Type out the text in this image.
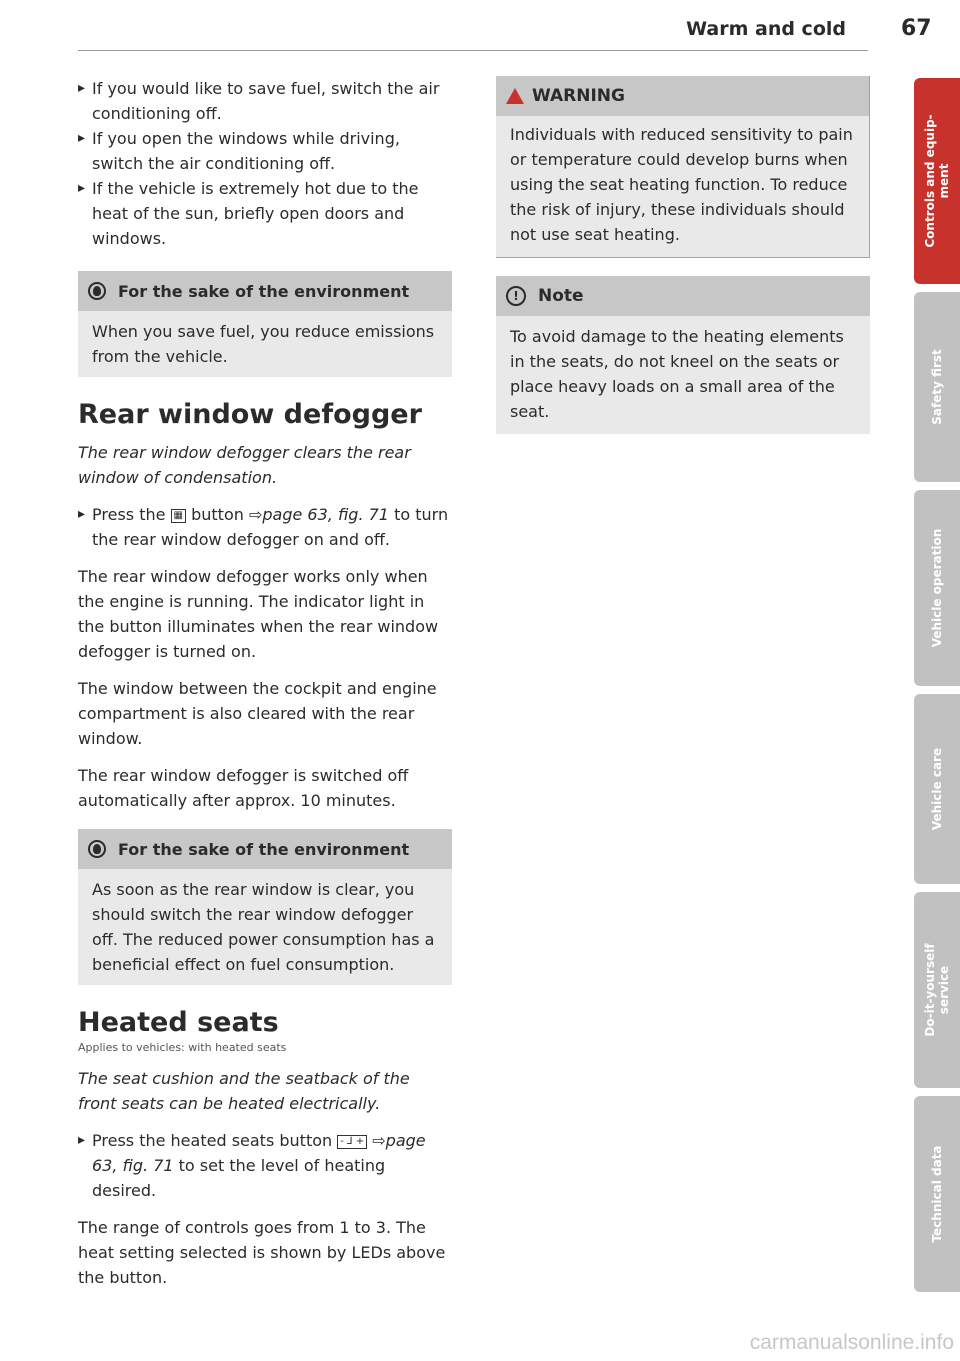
Warm and cold	67

▸ If you would like to save fuel, switch the air conditioning off.

▸ If you open the windows while driving, switch the air conditioning off.

▸ If the vehicle is extremely hot due to the heat of the sun, briefly open doors and windows.

For the sake of the environment

When you save fuel, you reduce emissions from the vehicle.

Rear window defogger

The rear window defogger clears the rear window of condensation.

▸ Press the ▦ button ⇨page 63, fig. 71 to turn the rear window defogger on and off.

The rear window defogger works only when the engine is running. The indicator light in the button illuminates when the rear window defogger is turned on.

The window between the cockpit and engine compartment is also cleared with the rear window.

The rear window defogger is switched off automatically after approx. 10 minutes.

For the sake of the environment

As soon as the rear window is clear, you should switch the rear window defogger off. The reduced power consumption has a beneficial effect on fuel consumption.

Heated seats

Applies to vehicles: with heated seats

The seat cushion and the seatback of the front seats can be heated electrically.

▸ Press the heated seats button - ⅃ + ⇨page 63, fig. 71 to set the level of heating desired.

The range of controls goes from 1 to 3. The heat setting selected is shown by LEDs above the button.

WARNING

Individuals with reduced sensitivity to pain or temperature could develop burns when using the seat heating function. To reduce the risk of injury, these individuals should not use seat heating.

!	Note

To avoid damage to the heating elements in the seats, do not kneel on the seats or place heavy loads on a small area of the seat.

Controls and equip-
ment
Safety first
Vehicle operation
Vehicle care
Do-it-yourself
service
Technical data
carmanualsonline.info
